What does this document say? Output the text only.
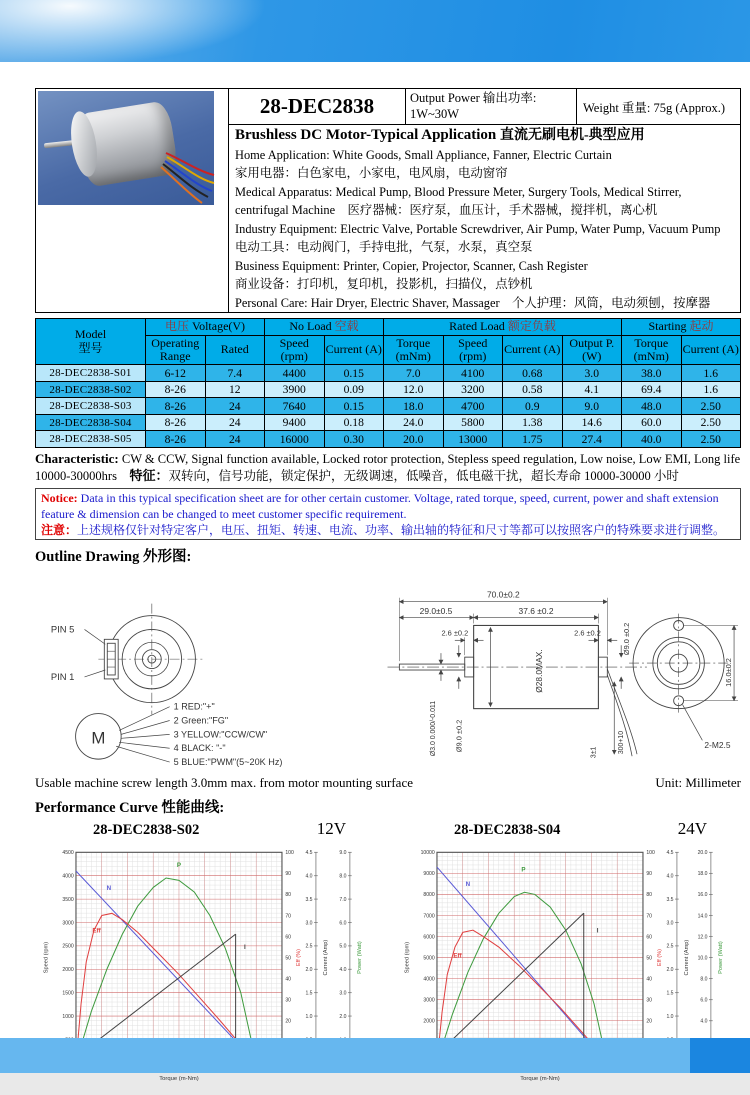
	28-DEC2838	Output Power 输出功率:
1W~30W	Weight 重量: 75g (Approx.)

Brushless DC Motor-Typical Application 直流无刷电机-典型应用
Home Application: White Goods, Small Appliance, Fanner, Electric Curtain
家用电器：白色家电，小家电，电风扇，电动窗帘
Medical Apparatus: Medical Pump, Blood Pressure Meter, Surgery Tools, Medical Stirrer, centrifugal Machine　医疗器械：医疗泵，血压计，手术器械，搅拌机，离心机
Industry Equipment: Electric Valve, Portable Screwdriver, Air Pump, Water Pump, Vacuum Pump
电动工具：电动阀门，手持电批，气泵，水泵，真空泵
Business Equipment: Printer, Copier, Projector, Scanner, Cash Register
商业设备：打印机，复印机，投影机，扫描仪，点钞机
Personal Care: Hair Dryer, Electric Shaver, Massager　个人护理：风筒，电动须刨，按摩器
Model
型号	电压 Voltage(V)		No Load 空载		Rated Load 额定负载				Starting 起动	
	Operating Range	Rated	Speed (rpm)	Current (A)	Torque (mNm)	Speed (rpm)	Current (A)	Output P. (W)	Torque (mNm)	Current (A)
28-DEC2838-S01	6-12	7.4	4400	0.15	7.0	4100	0.68	3.0	38.0	1.6
28-DEC2838-S02	8-26	12	3900	0.09	12.0	3200	0.58	4.1	69.4	1.6
28-DEC2838-S03	8-26	24	7640	0.15	18.0	4700	0.9	9.0	48.0	2.50
28-DEC2838-S04	8-26	24	9400	0.18	24.0	5800	1.38	14.6	60.0	2.50
28-DEC2838-S05	8-26	24	16000	0.30	20.0	13000	1.75	27.4	40.0	2.50
Characteristic: CW & CCW, Signal function available, Locked rotor protection, Stepless speed regulation, Low noise, Low EMI, Long life 10000-30000hrs　特征：双转向，信号功能，锁定保护，无级调速，低噪音，低电磁干扰，超长寿命 10000-30000 小时
Notice: Data in this typical specification sheet are for other certain customer. Voltage, rated torque, speed, current, power and shaft extension feature & dimension can be changed to meet customer specific requirement.
注意：上述规格仅针对特定客户，电压、扭矩、转速、电流、功率、输出轴的特征和尺寸等都可以按照客户的特殊要求进行调整。
Outline Drawing 外形图:
PIN 5
PIN 1
M
1 RED:"+"
2 Green:"FG"
3 YELLOW:"CCW/CW"
4 BLACK: "-"
5 BLUE:"PWM"(5~20K Hz)
70.0±0.2
29.0±0.5	37.6 ±0.2
2.6 ±0.2	2.6 ±0.2
Ø3.0 0.000/-0.011 Ø9.0 ±0.2
Ø28.0MAX.
Ø9.0 ±0.2
3±1	300+10
16.0±0.2
2-M2.5
Usable machine screw length 3.0mm max. from motor mounting surface	Unit: Millimeter
Performance Curve 性能曲线:
28-DEC2838-S02	12V
Torque (m-Nm)
1000
1500
2000
2500
3000
3500
4000
4500
Speed (rpm)
20
30
40
50
60
70
80
90
100
Eff (%)
1.0
1.5
2.0
2.5
3.0
3.5
4.0
4.5
Current (Amp)
2.0
3.0
4.0
5.0
6.0
7.0
8.0
9.0
Power (Watt)
N
P
Eff
I
28-DEC2838-S04	24V
Torque (m-Nm)
2000
3000
4000
5000
6000
7000
8000
9000
10000
Speed (rpm)
20
30
40
50
60
70
80
90
100
Eff (%)
1.0
1.5
2.0
2.5
3.0
3.5
4.0
4.5
Current (Amp)
4.0
6.0
8.0
10.0
12.0
14.0
16.0
18.0
20.0
Power (Watt)
N
P
Eff
I
